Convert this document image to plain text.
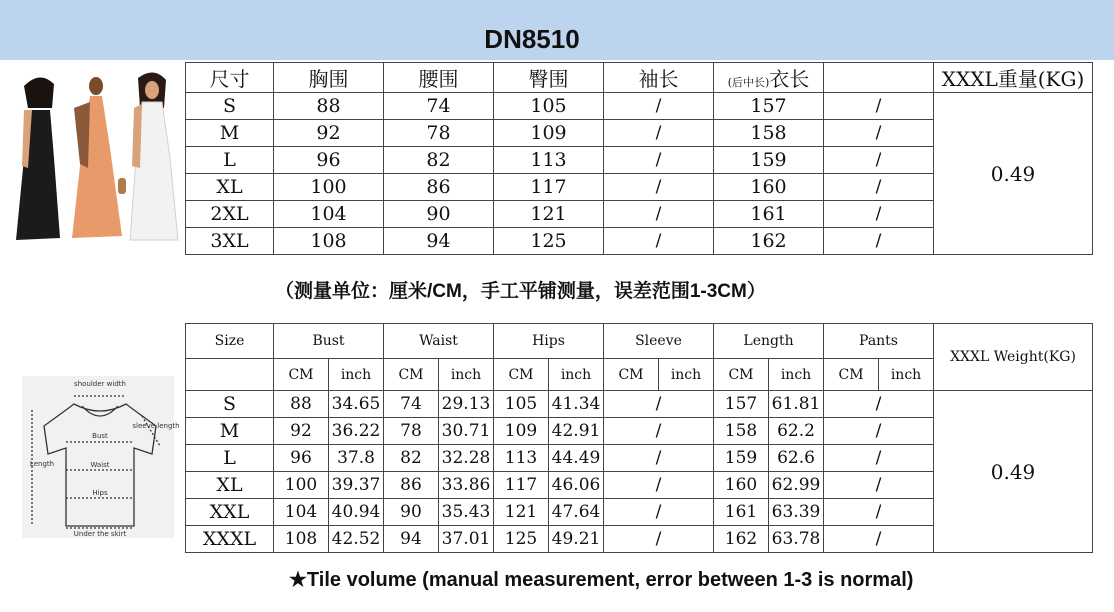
DN8510
尺寸	胸围	腰围	臀围	袖长	(后中长)衣长		XXXL重量(KG)
S	88	74	105	/	157	/	0.49
M	92	78	109	/	158	/	
L	96	82	113	/	159	/	
XL	100	86	117	/	160	/	
2XL	104	90	121	/	161	/	
3XL	108	94	125	/	162	/	
（测量单位：厘米/CM，手工平铺测量，误差范围1-3CM）
shoulder width
sleeve length
Bust
Waist
Hips
Length
Under the skirt
Size	Bust		Waist		Hips		Sleeve		Length		Pants		XXXL Weight(KG)
	CM	inch	CM	inch	CM	inch	CM	inch	CM	inch	CM	inch	
S	88	34.65	74	29.13	105	41.34	/		157	61.81	/		0.49
M	92	36.22	78	30.71	109	42.91	/		158	62.2	/		
L	96	37.8	82	32.28	113	44.49	/		159	62.6	/		
XL	100	39.37	86	33.86	117	46.06	/		160	62.99	/		
XXL	104	40.94	90	35.43	121	47.64	/		161	63.39	/		
XXXL	108	42.52	94	37.01	125	49.21	/		162	63.78	/		
★Tile volume (manual measurement, error between 1-3 is normal)
